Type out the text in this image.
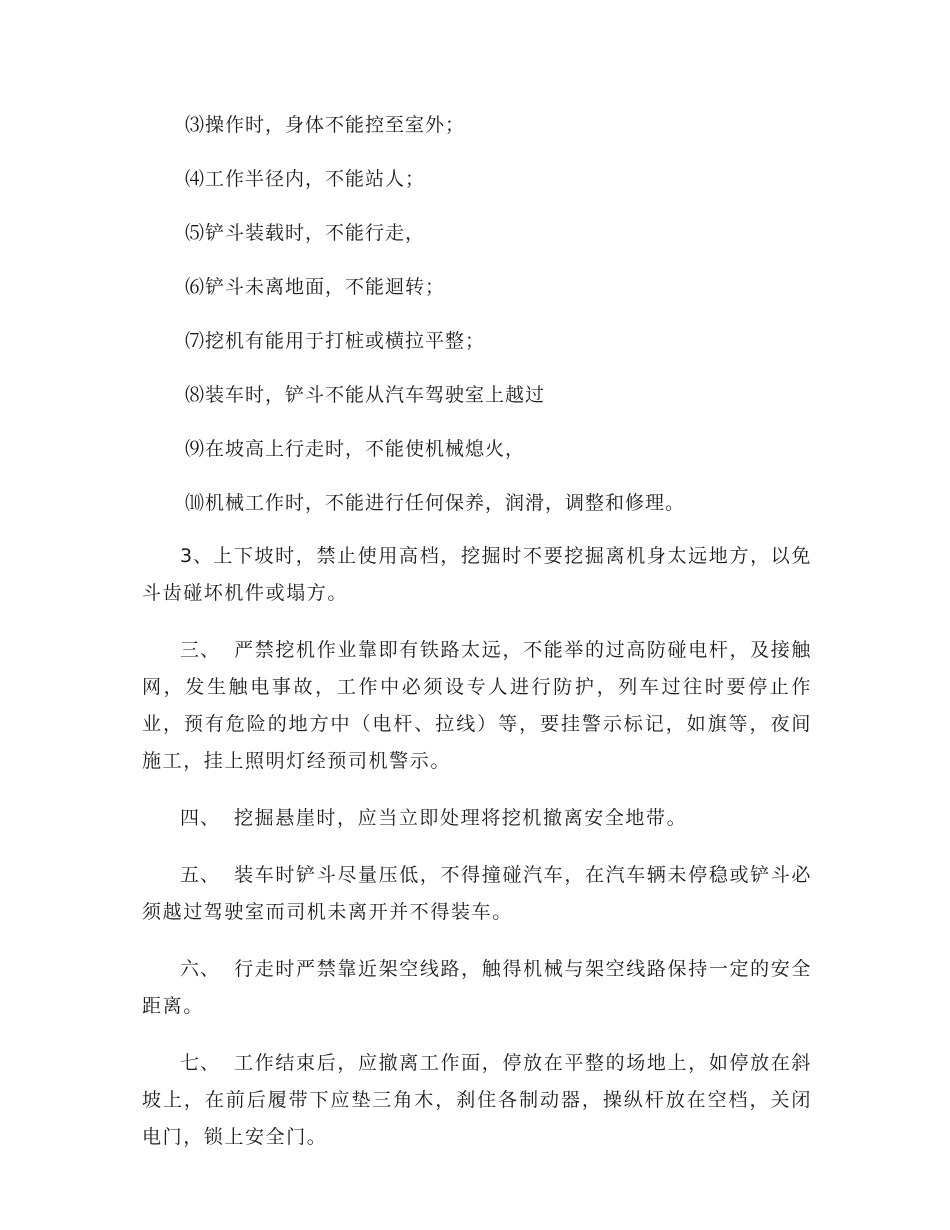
⑶操作时，身体不能控至室外；
⑷工作半径内，不能站人；
⑸铲斗装载时，不能行走，
⑹铲斗未离地面，不能迴转；
⑺挖机有能用于打桩或横拉平整；
⑻装车时，铲斗不能从汽车驾驶室上越过
⑼在坡高上行走时，不能使机械熄火，
⑽机械工作时，不能进行任何保养，润滑，调整和修理。

3、上下坡时，禁止使用高档，挖掘时不要挖掘离机身太远地方，以免斗齿碰坏机件或塌方。

三、 严禁挖机作业靠即有铁路太远，不能举的过高防碰电杆，及接触网，发生触电事故，工作中必须设专人进行防护，列车过往时要停止作业，预有危险的地方中（电杆、拉线）等，要挂警示标记，如旗等，夜间施工，挂上照明灯经预司机警示。

四、 挖掘悬崖时，应当立即处理将挖机撤离安全地带。

五、 装车时铲斗尽量压低，不得撞碰汽车，在汽车辆未停稳或铲斗必须越过驾驶室而司机未离开并不得装车。

六、 行走时严禁靠近架空线路，触得机械与架空线路保持一定的安全距离。

七、 工作结束后，应撤离工作面，停放在平整的场地上，如停放在斜坡上，在前后履带下应垫三角木，刹住各制动器，操纵杆放在空档，关闭电门，锁上安全门。
